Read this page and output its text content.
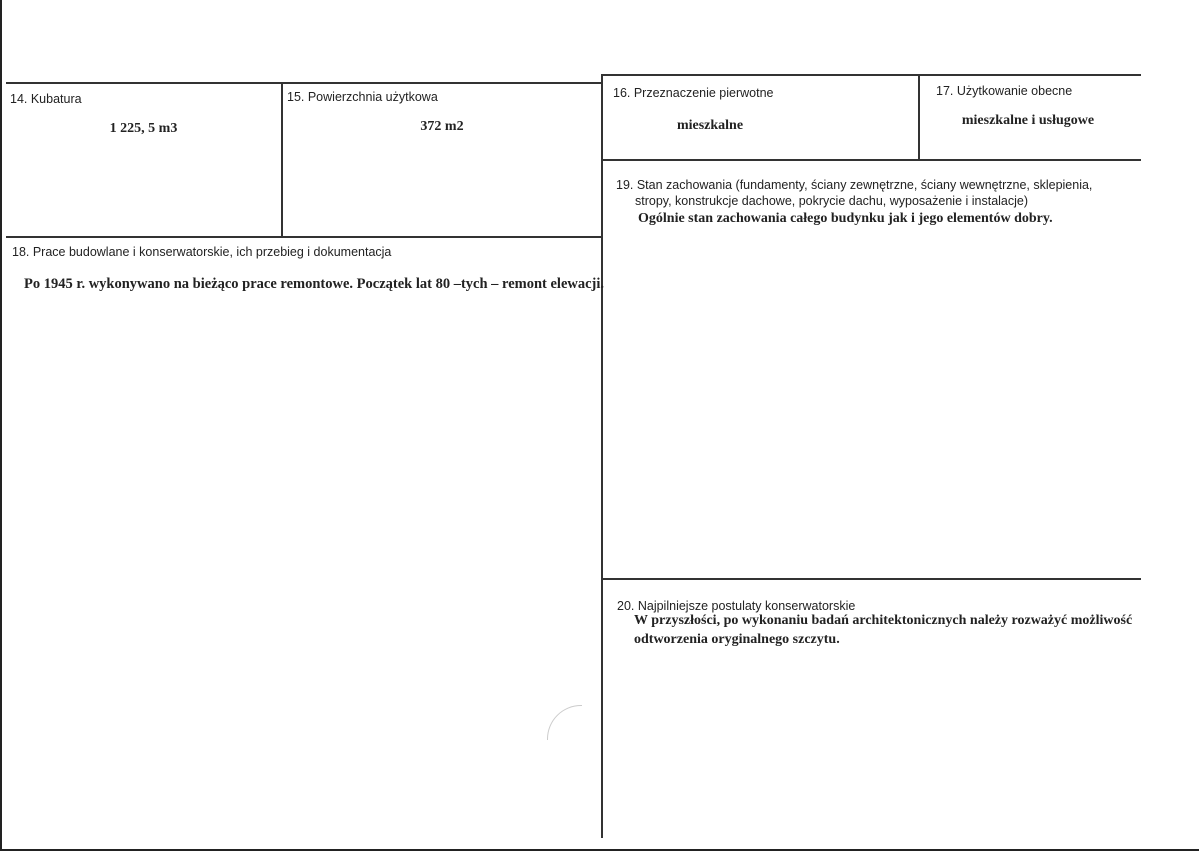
14. Kubatura
1 225, 5 m3
15. Powierzchnia użytkowa
372 m2
16. Przeznaczenie pierwotne
mieszkalne
17. Użytkowanie obecne
mieszkalne i usługowe
19. Stan zachowania (fundamenty, ściany zewnętrzne, ściany wewnętrzne, sklepienia,
stropy, konstrukcje dachowe, pokrycie dachu, wyposażenie i instalacje)
Ogólnie stan zachowania całego budynku jak i jego elementów dobry.
18. Prace budowlane i konserwatorskie, ich przebieg i dokumentacja
Po 1945 r. wykonywano na bieżąco prace remontowe. Początek lat 80 –tych – remont elewacji.
20. Najpilniejsze postulaty konserwatorskie
W przyszłości, po wykonaniu badań architektonicznych należy rozważyć możliwość
odtworzenia oryginalnego szczytu.
